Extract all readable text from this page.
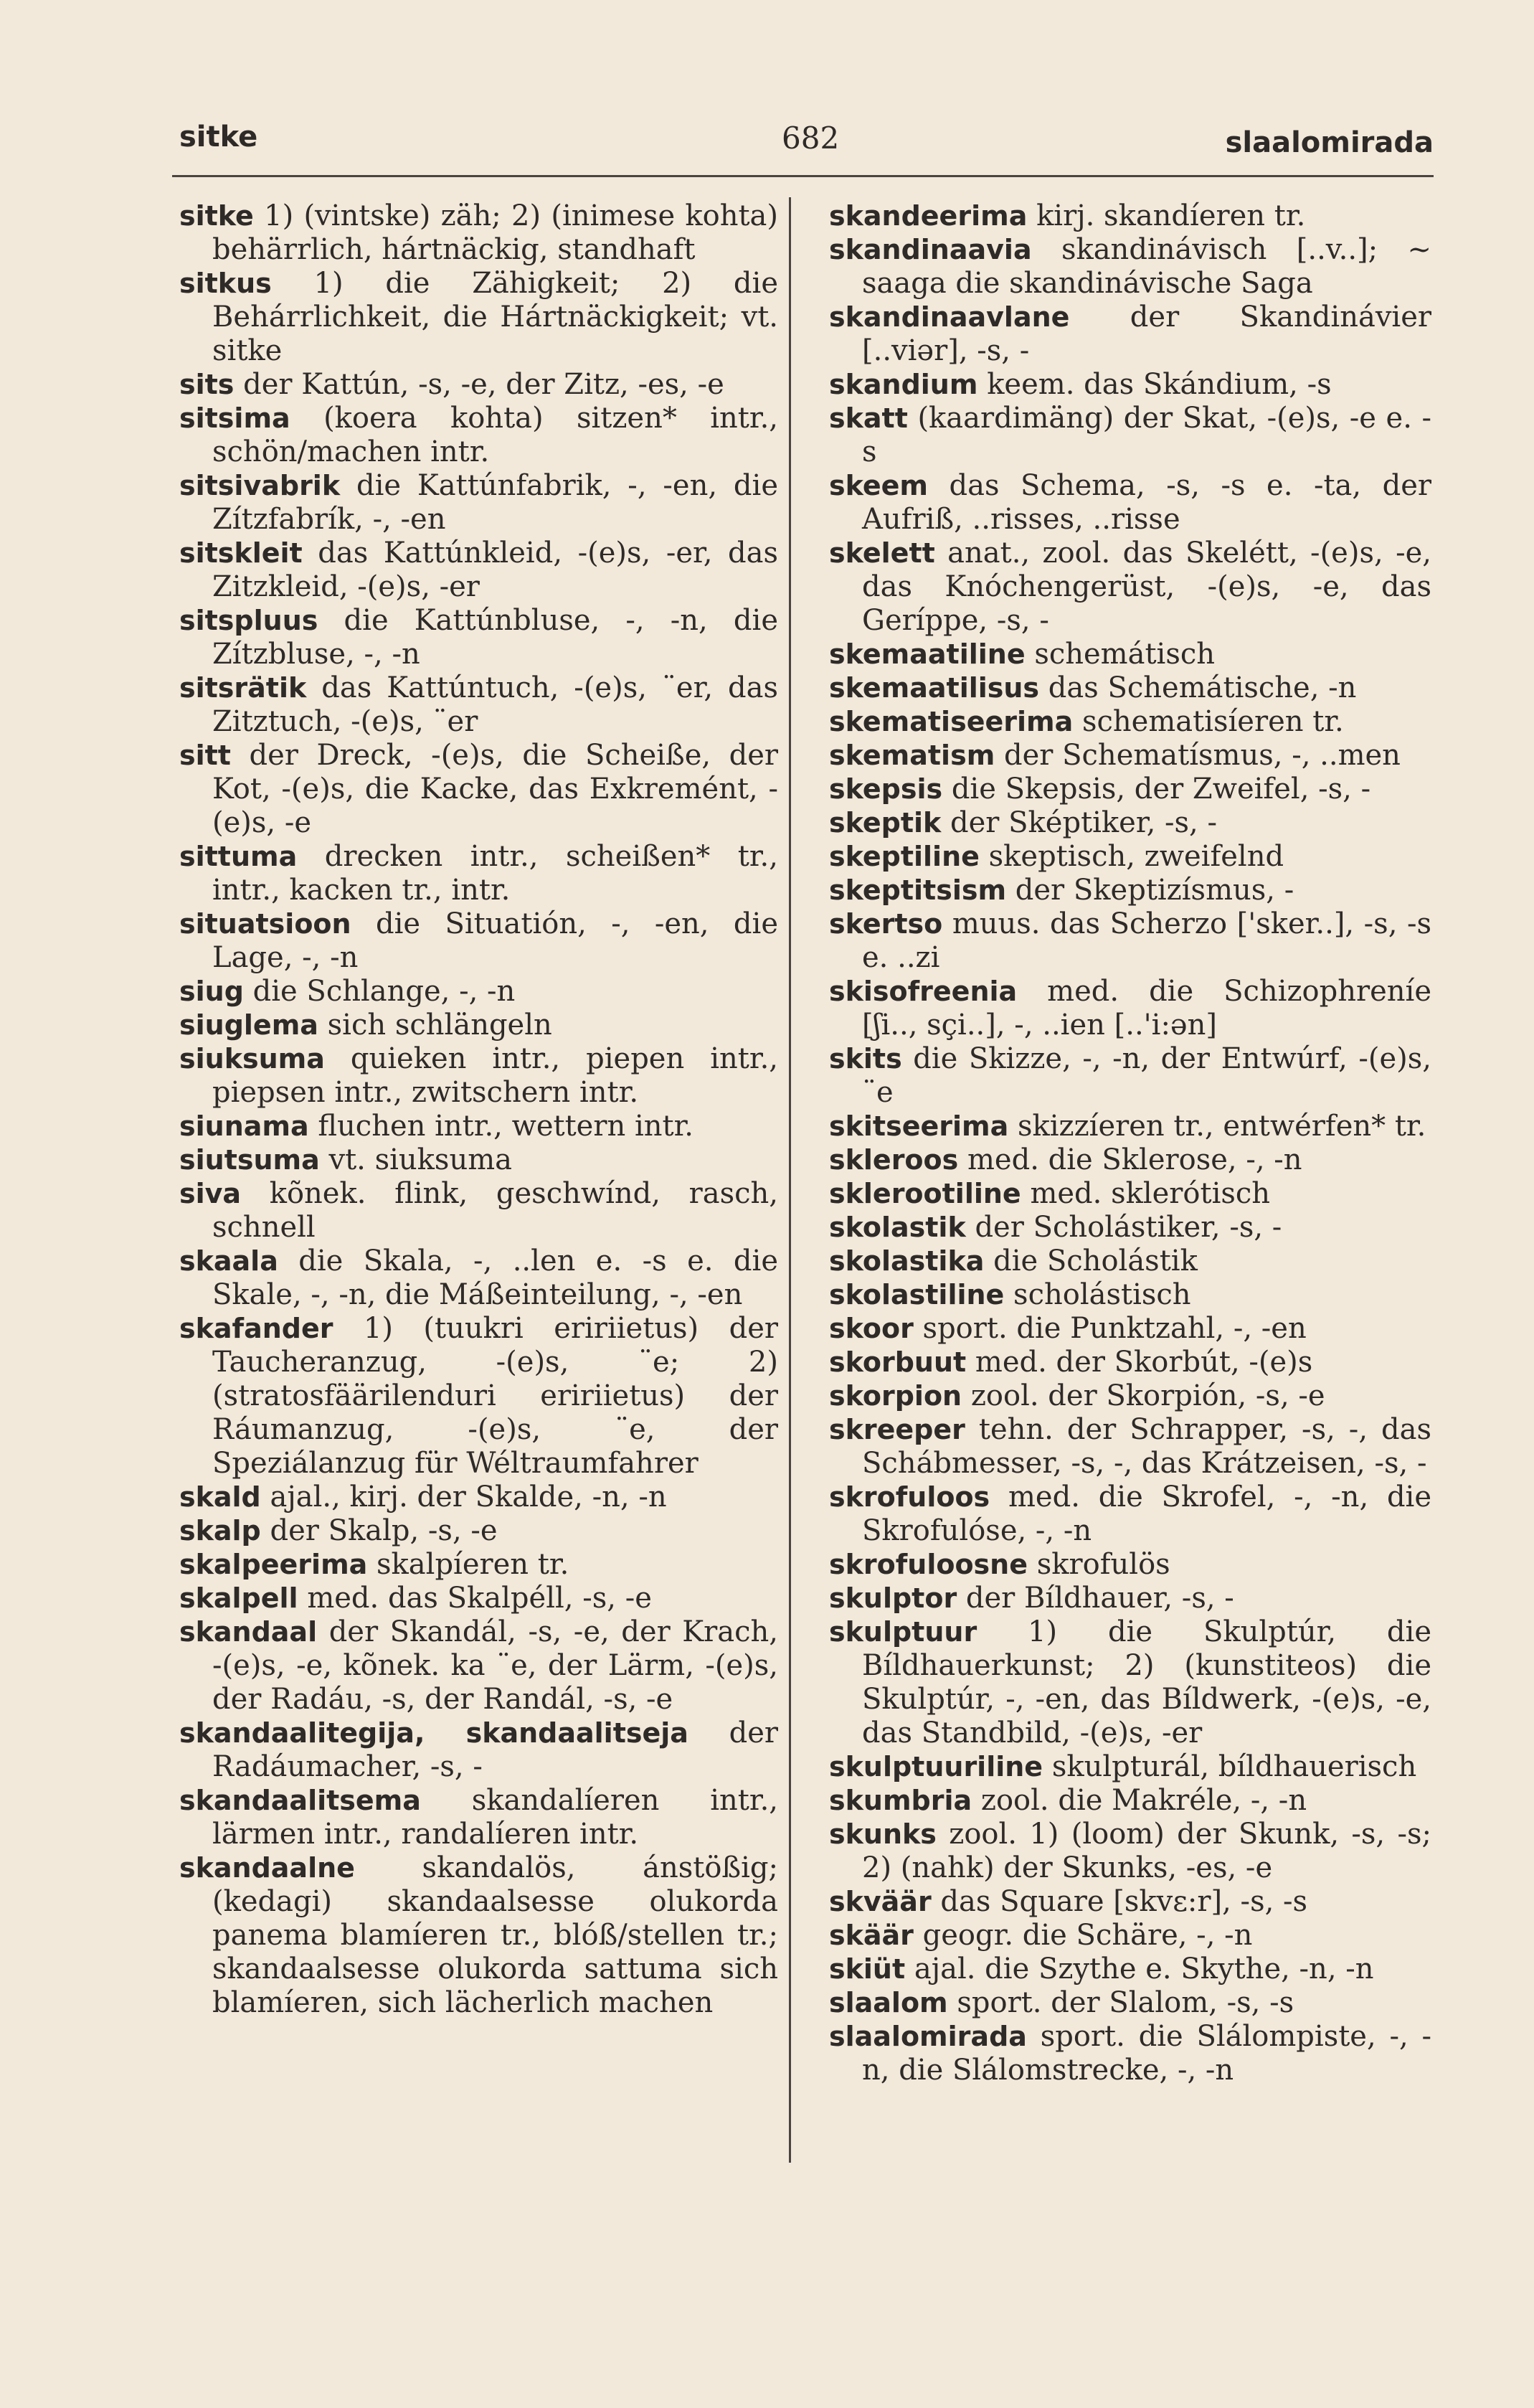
sitke	682	slaalomirada

sitke 1) (vintske) zäh; 2) (inimese kohta) behärrlich, hártnäckig, standhaft

sitkus 1) die Zähigkeit; 2) die Behárrlichkeit, die Hártnäckigkeit; vt. sitke

sits der Kattún, -s, -e, der Zitz, -es, -e

sitsima (koera kohta) sitzen* intr., schön/machen intr.

sitsivabrik die Kattúnfabrik, -, -en, die Zítzfabrík, -, -en

sitskleit das Kattúnkleid, -(e)s, -er, das Zitzkleid, -(e)s, -er

sitspluus die Kattúnbluse, -, -n, die Zítzbluse, -, -n

sitsrätik das Kattúntuch, -(e)s, ¨er, das Zitztuch, -(e)s, ¨er

sitt der Dreck, -(e)s, die Scheiße, der Kot, -(e)s, die Kacke, das Exkremént, -(e)s, -e

sittuma drecken intr., scheißen* tr., intr., kacken tr., intr.

situatsioon die Situatión, -, -en, die Lage, -, -n

siug die Schlange, -, -n

siuglema sich schlängeln

siuksuma quieken intr., piepen intr., piepsen intr., zwitschern intr.

siunama fluchen intr., wettern intr.

siutsuma vt. siuksuma

siva kõnek. flink, geschwínd, rasch, schnell

skaala die Skala, -, ..len e. -s e. die Skale, -, -n, die Máßeinteilung, -, -en

skafander 1) (tuukri eririietus) der Taucheranzug, -(e)s, ¨e; 2) (stratosfäärilenduri eririietus) der Ráumanzug, -(e)s, ¨e, der Speziálanzug für Wéltraumfahrer

skald ajal., kirj. der Skalde, -n, -n

skalp der Skalp, -s, -e

skalpeerima skalpíeren tr.

skalpell med. das Skalpéll, -s, -e

skandaal der Skandál, -s, -e, der Krach, -(e)s, -e, kõnek. ka ¨e, der Lärm, -(e)s, der Radáu, -s, der Randál, -s, -e

skandaalitegija, skandaalitseja der Radáumacher, -s, -

skandaalitsema skandalíeren intr., lärmen intr., randalíeren intr.

skandaalne skandalös, ánstößig; (kedagi) skandaalsesse olukorda panema blamíeren tr., blóß/stellen tr.; skandaalsesse olukorda sattuma sich blamíeren, sich lächerlich machen

skandeerima kirj. skandíeren tr.

skandinaavia skandinávisch [..v..]; ~ saaga die skandinávische Saga

skandinaavlane der Skandinávier [..viər], -s, -

skandium keem. das Skándium, -s

skatt (kaardimäng) der Skat, -(e)s, -e e. -s

skeem das Schema, -s, -s e. -ta, der Aufriß, ..risses, ..risse

skelett anat., zool. das Skelétt, -(e)s, -e, das Knóchengerüst, -(e)s, -e, das Geríppe, -s, -

skemaatiline schemátisch

skemaatilisus das Schemátische, -n

skematiseerima schematisíeren tr.

skematism der Schematísmus, -, ..men

skepsis die Skepsis, der Zweifel, -s, -

skeptik der Sképtiker, -s, -

skeptiline skeptisch, zweifelnd

skeptitsism der Skeptizísmus, -

skertso muus. das Scherzo ['sker..], -s, -s e. ..zi

skisofreenia med. die Schizophreníe [ʃi.., sçi..], -, ..ien [..'i:ən]

skits die Skizze, -, -n, der Entwúrf, -(e)s, ¨e

skitseerima skizzíeren tr., entwérfen* tr.

skleroos med. die Sklerose, -, -n

sklerootiline med. sklerótisch

skolastik der Scholástiker, -s, -

skolastika die Scholástik

skolastiline scholástisch

skoor sport. die Punktzahl, -, -en

skorbuut med. der Skorbút, -(e)s

skorpion zool. der Skorpión, -s, -e

skreeper tehn. der Schrapper, -s, -, das Schábmesser, -s, -, das Krátzeisen, -s, -

skrofuloos med. die Skrofel, -, -n, die Skrofulóse, -, -n

skrofuloosne skrofulös

skulptor der Bíldhauer, -s, -

skulptuur 1) die Skulptúr, die Bíldhauerkunst; 2) (kunstiteos) die Skulptúr, -, -en, das Bíldwerk, -(e)s, -e, das Standbild, -(e)s, -er

skulptuuriline skulpturál, bíldhauerisch

skumbria zool. die Makréle, -, -n

skunks zool. 1) (loom) der Skunk, -s, -s; 2) (nahk) der Skunks, -es, -e

skväär das Square [skvɛ:r], -s, -s

skäär geogr. die Schäre, -, -n

skiüt ajal. die Szythe e. Skythe, -n, -n

slaalom sport. der Slalom, -s, -s

slaalomirada sport. die Slálompiste, -, -n, die Slálomstrecke, -, -n
